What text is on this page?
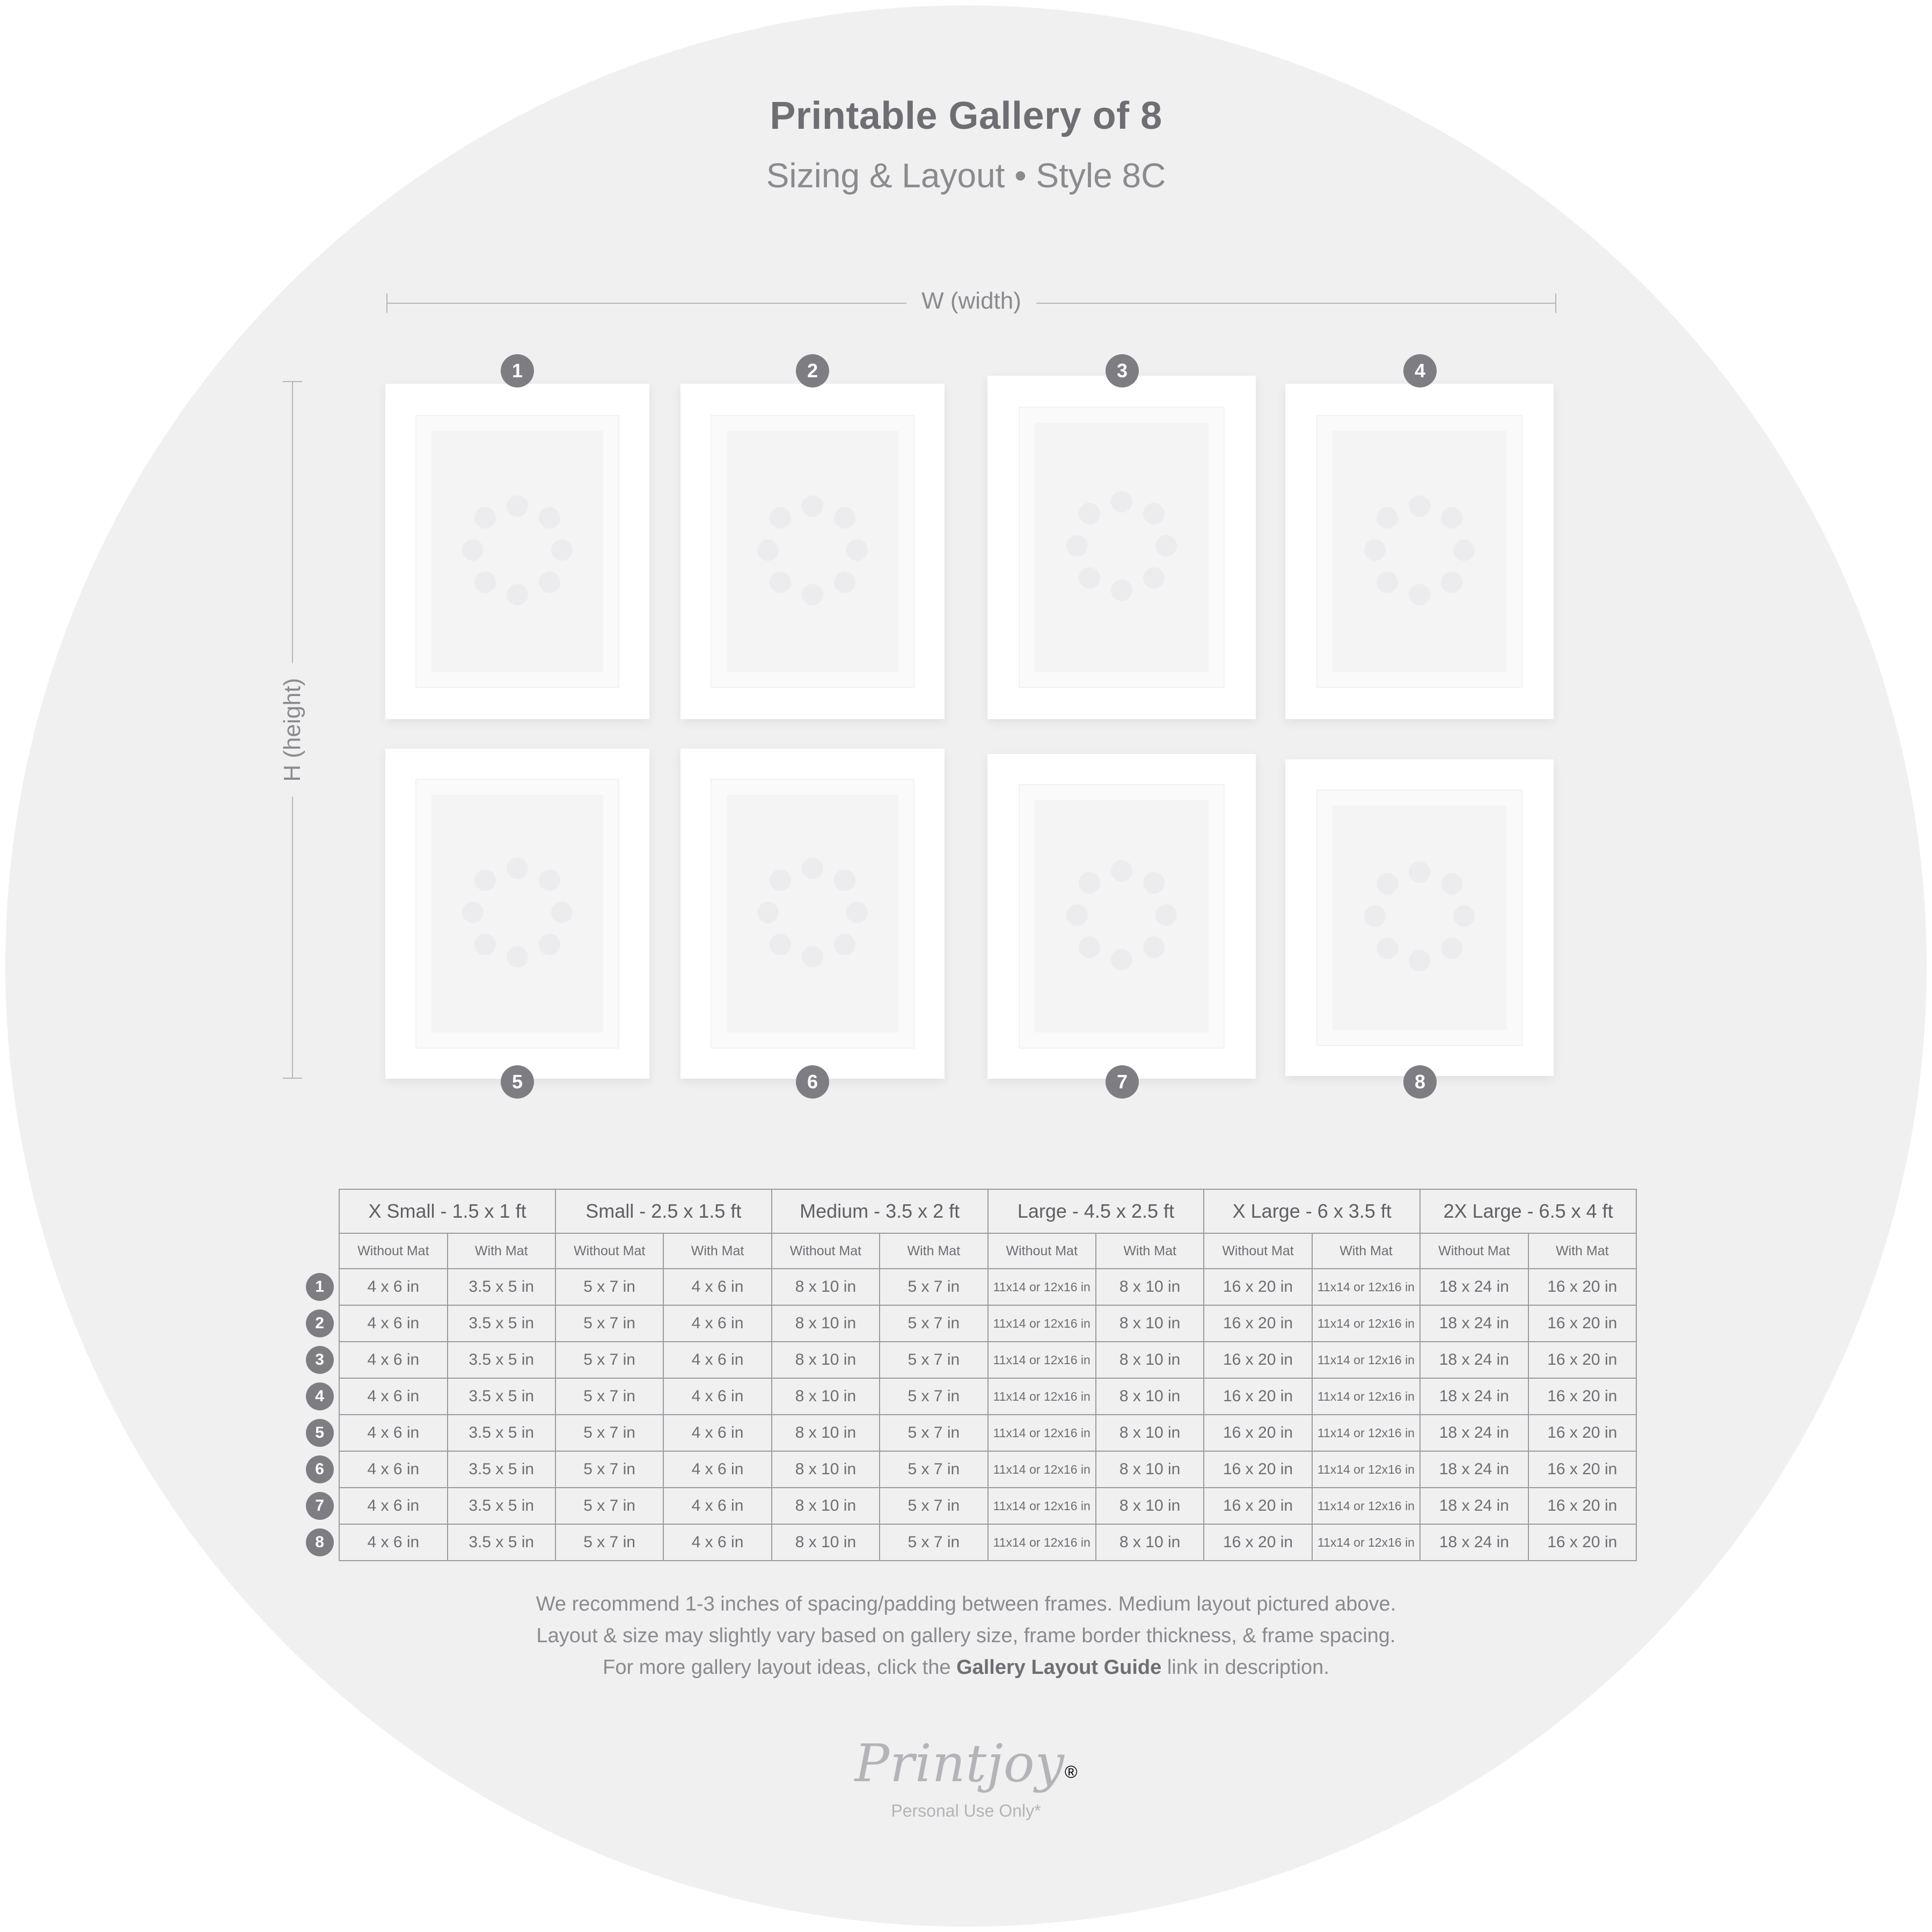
Printable Gallery of 8
Sizing & Layout • Style 8C
W (width)
H (height)
1	2	3	4
5	6	7	8
	X Small - 1.5 x 1 ft		Small - 2.5 x 1.5 ft		Medium - 3.5 x 2 ft		Large - 4.5 x 2.5 ft		X Large - 6 x 3.5 ft		2X Large - 6.5 x 4 ft	
	Without Mat	With Mat	Without Mat	With Mat	Without Mat	With Mat	Without Mat	With Mat	Without Mat	With Mat	Without Mat	With Mat

1	4 x 6 in	3.5 x 5 in	5 x 7 in	4 x 6 in	8 x 10 in	5 x 7 in	11x14 or 12x16 in	8 x 10 in	16 x 20 in	11x14 or 12x16 in	18 x 24 in	16 x 20 in

2	4 x 6 in	3.5 x 5 in	5 x 7 in	4 x 6 in	8 x 10 in	5 x 7 in	11x14 or 12x16 in	8 x 10 in	16 x 20 in	11x14 or 12x16 in	18 x 24 in	16 x 20 in

3	4 x 6 in	3.5 x 5 in	5 x 7 in	4 x 6 in	8 x 10 in	5 x 7 in	11x14 or 12x16 in	8 x 10 in	16 x 20 in	11x14 or 12x16 in	18 x 24 in	16 x 20 in

4	4 x 6 in	3.5 x 5 in	5 x 7 in	4 x 6 in	8 x 10 in	5 x 7 in	11x14 or 12x16 in	8 x 10 in	16 x 20 in	11x14 or 12x16 in	18 x 24 in	16 x 20 in

5	4 x 6 in	3.5 x 5 in	5 x 7 in	4 x 6 in	8 x 10 in	5 x 7 in	11x14 or 12x16 in	8 x 10 in	16 x 20 in	11x14 or 12x16 in	18 x 24 in	16 x 20 in

6	4 x 6 in	3.5 x 5 in	5 x 7 in	4 x 6 in	8 x 10 in	5 x 7 in	11x14 or 12x16 in	8 x 10 in	16 x 20 in	11x14 or 12x16 in	18 x 24 in	16 x 20 in

7	4 x 6 in	3.5 x 5 in	5 x 7 in	4 x 6 in	8 x 10 in	5 x 7 in	11x14 or 12x16 in	8 x 10 in	16 x 20 in	11x14 or 12x16 in	18 x 24 in	16 x 20 in

8	4 x 6 in	3.5 x 5 in	5 x 7 in	4 x 6 in	8 x 10 in	5 x 7 in	11x14 or 12x16 in	8 x 10 in	16 x 20 in	11x14 or 12x16 in	18 x 24 in	16 x 20 in
We recommend 1-3 inches of spacing/padding between frames. Medium layout pictured above.
Layout & size may slightly vary based on gallery size, frame border thickness, & frame spacing.
For more gallery layout ideas, click the Gallery Layout Guide link in description.
Printjoy®
Personal Use Only*
